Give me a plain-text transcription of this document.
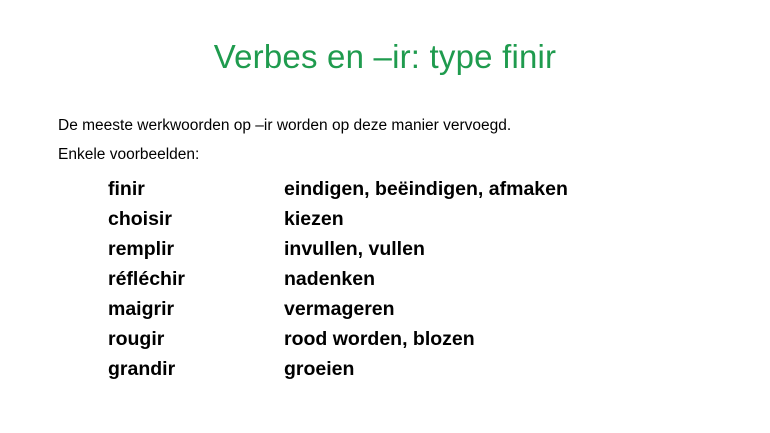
Verbes en –ir: type finir
De meeste werkwoorden op –ir worden op deze manier vervoegd.
Enkele voorbeelden:
finir	eindigen, beëindigen, afmaken
choisir	kiezen
remplir	invullen, vullen
réfléchir	nadenken
maigrir	vermageren
rougir	rood worden, blozen
grandir	groeien
